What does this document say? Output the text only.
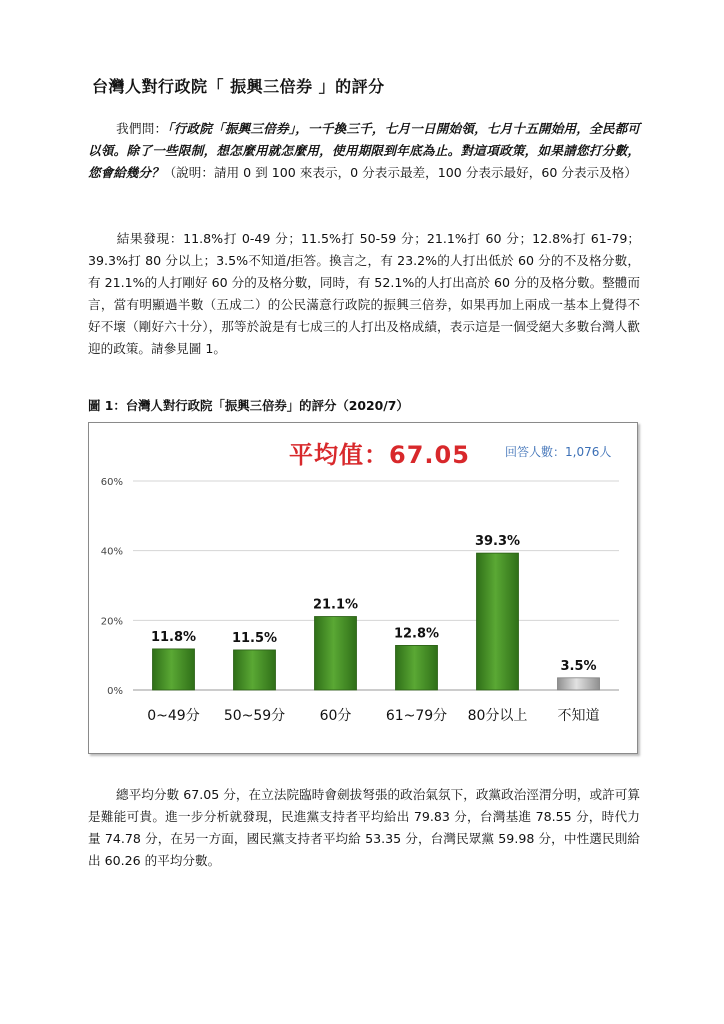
台灣人對行政院「 振興三倍券 」的評分
我們問：「行政院「振興三倍券」，一千換三千，七月一日開始領，七月十五開始用，全民都可以領。除了一些限制，想怎麼用就怎麼用，使用期限到年底為止。對這項政策，如果請您打分數，您會給幾分？（說明：請用 0 到 100 來表示，0 分表示最差，100 分表示最好，60 分表示及格）
結果發現：11.8%打 0-49 分；11.5%打 50-59 分；21.1%打 60 分；12.8%打 61-79；39.3%打 80 分以上；3.5%不知道/拒答。換言之，有 23.2%的人打出低於 60 分的不及格分數，有 21.1%的人打剛好 60 分的及格分數，同時，有 52.1%的人打出高於 60 分的及格分數。整體而言，當有明顯過半數（五成二）的公民滿意行政院的振興三倍券，如果再加上兩成一基本上覺得不好不壞（剛好六十分），那等於說是有七成三的人打出及格成績，表示這是一個受絕大多數台灣人歡迎的政策。請參見圖 1。
圖 1：台灣人對行政院「振興三倍券」的評分（2020/7）
平均值：67.05	回答人數：1,076人
0%
20%
40%
60%
11.8%
0~49分
11.5%
50~59分
21.1%
60分
12.8%
61~79分
39.3%
80分以上
3.5%
不知道
總平均分數 67.05 分，在立法院臨時會劍拔弩張的政治氣氛下，政黨政治涇渭分明，或許可算是難能可貴。進一步分析就發現，民進黨支持者平均給出 79.83 分，台灣基進 78.55 分，時代力量 74.78 分，在另一方面，國民黨支持者平均給 53.35 分，台灣民眾黨 59.98 分，中性選民則給出 60.26 的平均分數。
